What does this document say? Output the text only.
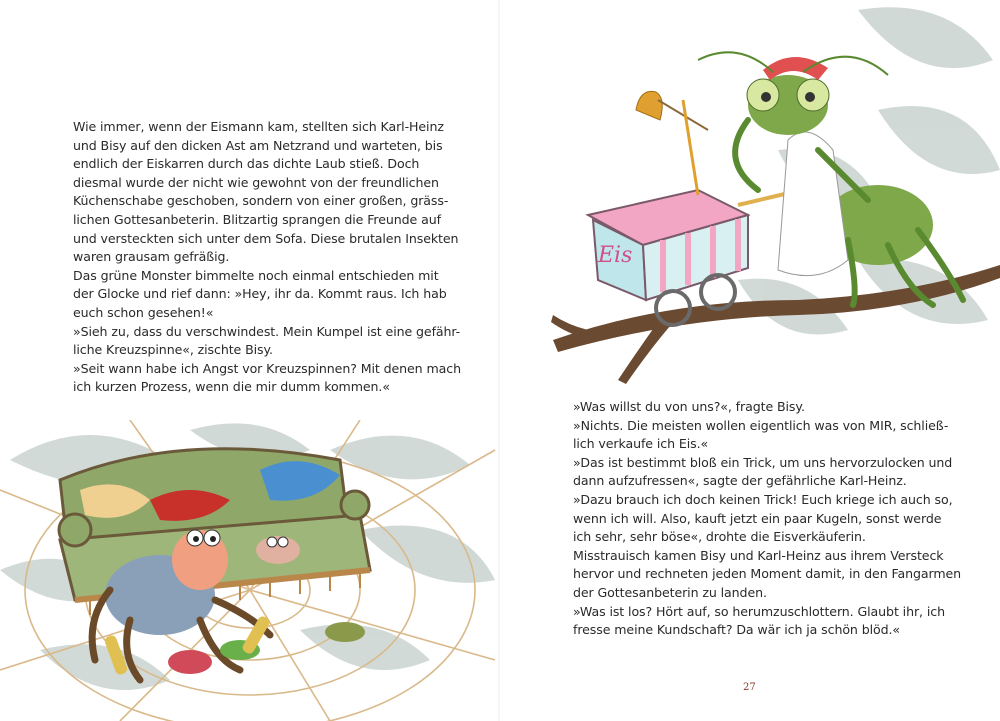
Wie immer, wenn der Eismann kam, stellten sich Karl-Heinz
und Bisy auf den dicken Ast am Netzrand und warteten, bis
endlich der Eiskarren durch das dichte Laub stieß. Doch
diesmal wurde der nicht wie gewohnt von der freundlichen
Küchenschabe geschoben, sondern von einer großen, gräss-
lichen Gottesanbeterin. Blitzartig sprangen die Freunde auf
und versteckten sich unter dem Sofa. Diese brutalen Insekten
waren grausam gefräßig.
Das grüne Monster bimmelte noch einmal entschieden mit
der Glocke und rief dann: »Hey, ihr da. Kommt raus. Ich hab
euch schon gesehen!«
»Sieh zu, dass du verschwindest. Mein Kumpel ist eine gefähr-
liche Kreuzspinne«, zischte Bisy.
»Seit wann habe ich Angst vor Kreuzspinnen? Mit denen mach
ich kurzen Prozess, wenn die mir dumm kommen.«
Eis
»Was willst du von uns?«, fragte Bisy.
»Nichts. Die meisten wollen eigentlich was von MIR, schließ-
lich verkaufe ich Eis.«
»Das ist bestimmt bloß ein Trick, um uns hervorzulocken und
dann aufzufressen«, sagte der gefährliche Karl-Heinz.
»Dazu brauch ich doch keinen Trick! Euch kriege ich auch so,
wenn ich will. Also, kauft jetzt ein paar Kugeln, sonst werde
ich sehr, sehr böse«, drohte die Eisverkäuferin.
Misstrauisch kamen Bisy und Karl-Heinz aus ihrem Versteck
hervor und rechneten jeden Moment damit, in den Fangarmen
der Gottesanbeterin zu landen.
»Was ist los? Hört auf, so herumzuschlottern. Glaubt ihr, ich
fresse meine Kundschaft? Da wär ich ja schön blöd.«
27
